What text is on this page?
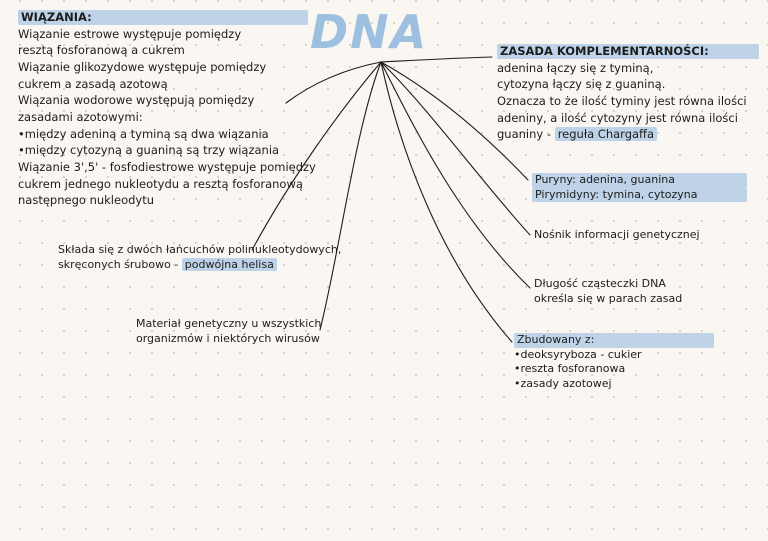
DNA
WIĄZANIA:
Wiązanie estrowe występuje pomiędzy
resztą fosforanową a cukrem
Wiązanie glikozydowe występuje pomiędzy
cukrem a zasadą azotową
Wiązania wodorowe występują pomiędzy
zasadami azotowymi:
•między adeniną a tyminą są dwa wiązania
•między cytozyną a guaniną są trzy wiązania
Wiązanie 3',5' - fosfodiestrowe występuje pomiędzy
cukrem jednego nukleotydu a resztą fosforanową
następnego nukleodytu
ZASADA KOMPLEMENTARNOŚCI:
adenina łączy się z tyminą,
cytozyna łączy się z guaniną.
Oznacza to że ilość tyminy jest równa ilości
adeniny, a ilość cytozyny jest równa ilości
guaniny - reguła Chargaffa
Puryny: adenina, guanina
Pirymidyny: tymina, cytozyna
Nośnik informacji genetycznej
Długość cząsteczki DNA
określa się w parach zasad
Zbudowany z:
•deoksyryboza - cukier
•reszta fosforanowa
•zasady azotowej
Składa się z dwóch łańcuchów polinukleotydowych,
skręconych śrubowo - podwójna helisa
Materiał genetyczny u wszystkich
organizmów i niektórych wirusów
